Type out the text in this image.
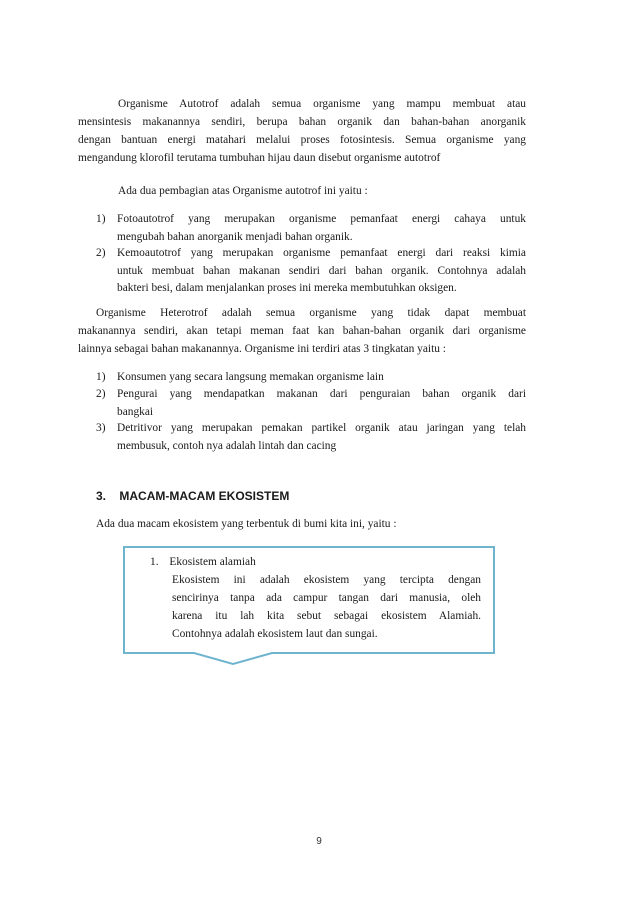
Organisme Autotrof adalah semua organisme yang mampu membuat atau
mensintesis makanannya sendiri, berupa bahan organik dan bahan-bahan anorganik
dengan bantuan energi matahari melalui proses fotosintesis. Semua organisme yang
mengandung klorofil terutama tumbuhan hijau daun disebut organisme autotrof
Ada dua pembagian atas Organisme autotrof ini yaitu :
1) Fotoautotrof yang merupakan organisme pemanfaat energi cahaya untuk
mengubah bahan anorganik menjadi bahan organik.
2) Kemoautotrof yang merupakan organisme pemanfaat energi dari reaksi kimia
untuk membuat bahan makanan sendiri dari bahan organik. Contohnya adalah
bakteri besi, dalam menjalankan proses ini mereka membutuhkan oksigen.
Organisme Heterotrof adalah semua organisme yang tidak dapat membuat
makanannya sendiri, akan tetapi meman faat kan bahan-bahan organik dari organisme
lainnya sebagai bahan makanannya. Organisme ini terdiri atas 3 tingkatan yaitu :
1) Konsumen yang secara langsung memakan organisme lain
2) Pengurai yang mendapatkan makanan dari penguraian bahan organik dari
bangkai
3) Detritivor yang merupakan pemakan partikel organik atau jaringan yang telah
membusuk, contoh nya adalah lintah dan cacing
3. MACAM-MACAM EKOSISTEM
Ada dua macam ekosistem yang terbentuk di bumi kita ini, yaitu :
1. Ekosistem alamiah
Ekosistem ini adalah ekosistem yang tercipta dengan
sencirinya tanpa ada campur tangan dari manusia, oleh
karena itu lah kita sebut sebagai ekosistem Alamiah.
Contohnya adalah ekosistem laut dan sungai.
9
